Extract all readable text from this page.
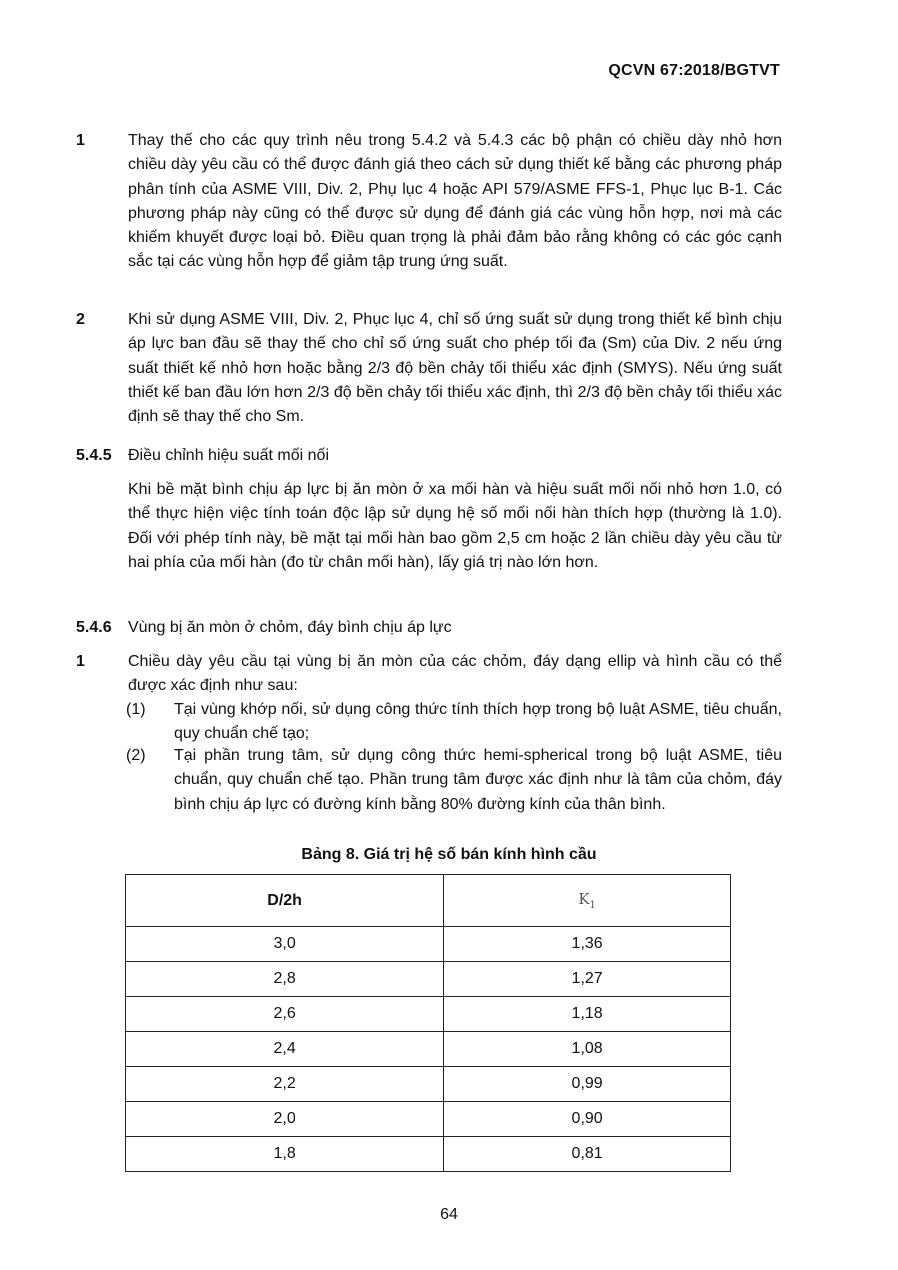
QCVN 67:2018/BGTVT
1	Thay thế cho các quy trình nêu trong 5.4.2 và 5.4.3 các bộ phận có chiều dày nhỏ hơn chiều dày yêu cầu có thể được đánh giá theo cách sử dụng thiết kế bằng các phương pháp phân tính của ASME VIII, Div. 2, Phụ lục 4 hoặc API 579/ASME FFS-1, Phục lục B-1. Các phương pháp này cũng có thể được sử dụng để đánh giá các vùng hỗn hợp, nơi mà các khiếm khuyết được loại bỏ. Điều quan trọng là phải đảm bảo rằng không có các góc cạnh sắc tại các vùng hỗn hợp để giảm tập trung ứng suất.
2	Khi sử dụng ASME VIII, Div. 2, Phục lục 4, chỉ số ứng suất sử dụng trong thiết kế bình chịu áp lực ban đầu sẽ thay thế cho chỉ số ứng suất cho phép tối đa (Sm) của Div. 2 nếu ứng suất thiết kế nhỏ hơn hoặc bằng 2/3 độ bền chảy tối thiểu xác định (SMYS). Nếu ứng suất thiết kế ban đầu lớn hơn 2/3 độ bền chảy tối thiểu xác định, thì 2/3 độ bền chảy tối thiểu xác định sẽ thay thế cho Sm.
5.4.5 Điều chỉnh hiệu suất mối nối
Khi bề mặt bình chịu áp lực bị ăn mòn ở xa mối hàn và hiệu suất mối nối nhỏ hơn 1.0, có thể thực hiện việc tính toán độc lập sử dụng hệ số mối nối hàn thích hợp (thường là 1.0). Đối với phép tính này, bề mặt tại mối hàn bao gồm 2,5 cm hoặc 2 lần chiều dày yêu cầu từ hai phía của mối hàn (đo từ chân mối hàn), lấy giá trị nào lớn hơn.
5.4.6 Vùng bị ăn mòn ở chỏm, đáy bình chịu áp lực
1	Chiều dày yêu cầu tại vùng bị ăn mòn của các chỏm, đáy dạng ellip và hình cầu có thể được xác định như sau:
(1) Tại vùng khớp nối, sử dụng công thức tính thích hợp trong bộ luật ASME, tiêu chuẩn, quy chuẩn chế tạo;
(2) Tại phần trung tâm, sử dụng công thức hemi-spherical trong bộ luật ASME, tiêu chuẩn, quy chuẩn chế tạo. Phần trung tâm được xác định như là tâm của chỏm, đáy bình chịu áp lực có đường kính bằng 80% đường kính của thân bình.
Bảng 8. Giá trị hệ số bán kính hình cầu
D/2h	$K_1$
3,0	1,36
2,8	1,27
2,6	1,18
2,4	1,08
2,2	0,99
2,0	0,90
1,8	0,81
64
